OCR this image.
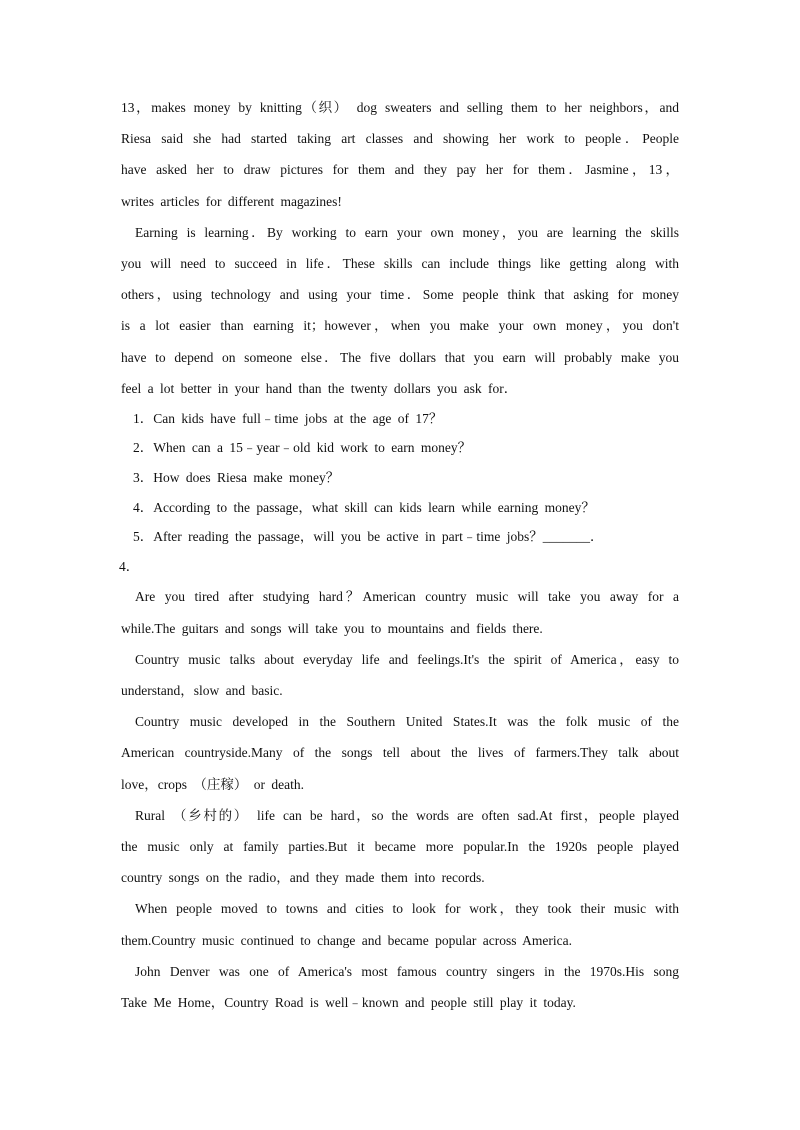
13，makes money by knitting（织） dog sweaters and selling them to her neighbors，and
Riesa said she had started taking art classes and showing her work to people．People
have asked her to draw pictures for them and they pay her for them．Jasmine，13，
writes articles for different magazines!
Earning is learning．By working to earn your own money，you are learning the skills
you will need to succeed in life．These skills can include things like getting along with
others，using technology and using your time．Some people think that asking for money
is a lot easier than earning it；however，when you make your own money，you don't
have to depend on someone else．The five dollars that you earn will probably make you
feel a lot better in your hand than the twenty dollars you ask for．
1．Can kids have full﹣time jobs at the age of 17？
2．When can a 15﹣year﹣old kid work to earn money？
3．How does Riesa make money？
4．According to the passage，what skill can kids learn while earning money？
5．After reading the passage，will you be active in part﹣time jobs？_______．
4．
Are you tired after studying hard？American country music will take you away for a
while.The guitars and songs will take you to mountains and fields there.
Country music talks about everyday life and feelings.It's the spirit of America，easy to
understand，slow and basic.
Country music developed in the Southern United States.It was the folk music of the
American countryside.Many of the songs tell about the lives of farmers.They talk about
love，crops （庄稼） or death.
Rural （乡村的） life can be hard，so the words are often sad.At first，people played
the music only at family parties.But it became more popular.In the 1920s people played
country songs on the radio，and they made them into records.
When people moved to towns and cities to look for work，they took their music with
them.Country music continued to change and became popular across America.
John Denver was one of America's most famous country singers in the 1970s.His song
Take Me Home，Country Road is well﹣known and people still play it today.
